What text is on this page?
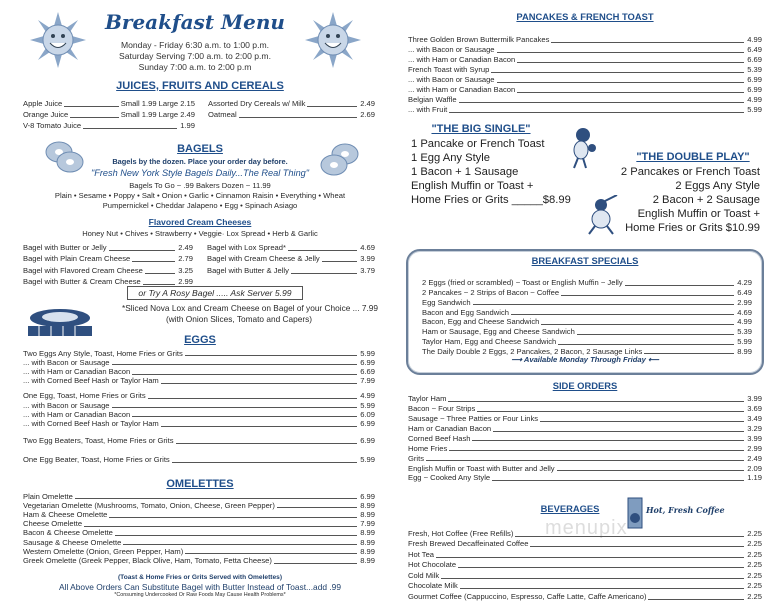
Breakfast Menu
Monday - Friday 6:30 a.m. to 1:00 p.m.
Saturday Serving 7:00 a.m. to 2:00 p.m.
Sunday 7:00 a.m. to 2:00 p.m
JUICES, FRUITS AND CEREALS
Apple Juice	Small 1.99 Large 2.15
Orange Juice	Small 1.99 Large 2.49
V-8 Tomato Juice	1.99
Assorted Dry Cereals w/ Milk	2.49
Oatmeal	2.69
BAGELS
Bagels by the dozen. Place your order day before.
"Fresh New York Style Bagels Daily...The Real Thing"
Bagels To Go ~ .99 Bakers Dozen ~ 11.99
Plain • Sesame • Poppy • Salt • Onion • Garlic • Cinnamon Raisin • Everything • Wheat
Pumpernickel • Cheddar Jalapeno • Egg • Spinach Asiago
Flavored Cream Cheeses
Honey Nut • Chives • Strawberry • Veggie· Lox Spread • Herb & Garlic
Bagel with Butter or Jelly	2.49
Bagel with Plain Cream Cheese	2.79
Bagel with Flavored Cream Cheese	3.25
Bagel with Butter & Cream Cheese	2.99
Bagel with Lox Spread*	4.69
Bagel with Cream Cheese & Jelly	3.99
Bagel with Butter & Jelly	3.79
or Try A Rosy Bagel ..... Ask Server 5.99
*Sliced Nova Lox and Cream Cheese on Bagel of your Choice ... 7.99
(with Onion Slices, Tomato and Capers)
EGGS
Two Eggs Any Style, Toast, Home Fries or Grits	5.99
... with Bacon or Sausage	6.99
... with Ham or Canadian Bacon	6.69
... with Corned Beef Hash or Taylor Ham	7.99
One Egg, Toast, Home Fries or Grits	4.99
... with Bacon or Sausage	5.99
... with Ham or Canadian Bacon	6.09
... with Corned Beef Hash or Taylor Ham	6.99
Two Egg Beaters, Toast, Home Fries or Grits	6.99
One Egg Beater, Toast, Home Fries or Grits	5.99
OMELETTES
Plain Omelette	6.99
Vegetarian Omelette (Mushrooms, Tomato, Onion, Cheese, Green Pepper)	8.99
Ham & Cheese Omelette	8.99
Cheese Omelette	7.99
Bacon & Cheese Omelette	8.99
Sausage & Cheese Omelette	8.99
Western Omelette (Onion, Green Pepper, Ham)	8.99
Greek Omelette (Greek Pepper, Black Olive, Ham, Tomato, Fetta Cheese)	8.99
(Toast & Home Fries or Grits Served with Omelettes)
All Above Orders Can Substitute Bagel with Butter Instead of Toast...add .99
*Consuming Undercooked Or Raw Foods May Cause Health Problems*
PANCAKES & FRENCH TOAST
Three Golden Brown Buttermilk Pancakes	4.99
... with Bacon or Sausage	6.49
... with Ham or Canadian Bacon	6.69
French Toast with Syrup	5.39
... with Bacon or Sausage	6.99
... with Ham or Canadian Bacon	6.99
Belgian Waffle	4.99
... with Fruit	5.99
"THE BIG SINGLE"
1 Pancake or French Toast
1 Egg Any Style
1 Bacon + 1 Sausage
English Muffin or Toast +
Home Fries or Grits _____$8.99
"THE DOUBLE PLAY"
2 Pancakes or French Toast
2 Eggs Any Style
2 Bacon + 2 Sausage
English Muffin or Toast +
Home Fries or Grits $10.99
BREAKFAST SPECIALS
2 Eggs (fried or scrambled) ~ Toast or English Muffin ~ Jelly	4.29
2 Pancakes ~ 2 Strips of Bacon ~ Coffee	6.49
Egg Sandwich	2.99
Bacon and Egg Sandwich	4.69
Bacon, Egg and Cheese Sandwich	4.99
Ham or Sausage, Egg and Cheese Sandwich	5.39
Taylor Ham, Egg and Cheese Sandwich	5.99
The Daily Double 2 Eggs, 2 Pancakes, 2 Bacon, 2 Sausage Links	8.99
⟶ Available Monday Through Friday ⟵
SIDE ORDERS
Taylor Ham	3.99
Bacon ~ Four Strips	3.69
Sausage ~ Three Patties or Four Links	3.49
Ham or Canadian Bacon	3.29
Corned Beef Hash	3.99
Home Fries	2.99
Grits	2.49
English Muffin or Toast with Butter and Jelly	2.09
Egg ~ Cooked Any Style	1.19
menupix
BEVERAGES	Hot, Fresh Coffee
Fresh, Hot Coffee (Free Refills)	2.25
Fresh Brewed Decaffeinated Coffee	2.25
Hot Tea	2.25
Hot Chocolate	2.25
Cold Milk	2.25
Chocolate Milk	2.25
Gourmet Coffee (Cappuccino, Espresso, Caffe Latte, Caffe Americano)	2.25
